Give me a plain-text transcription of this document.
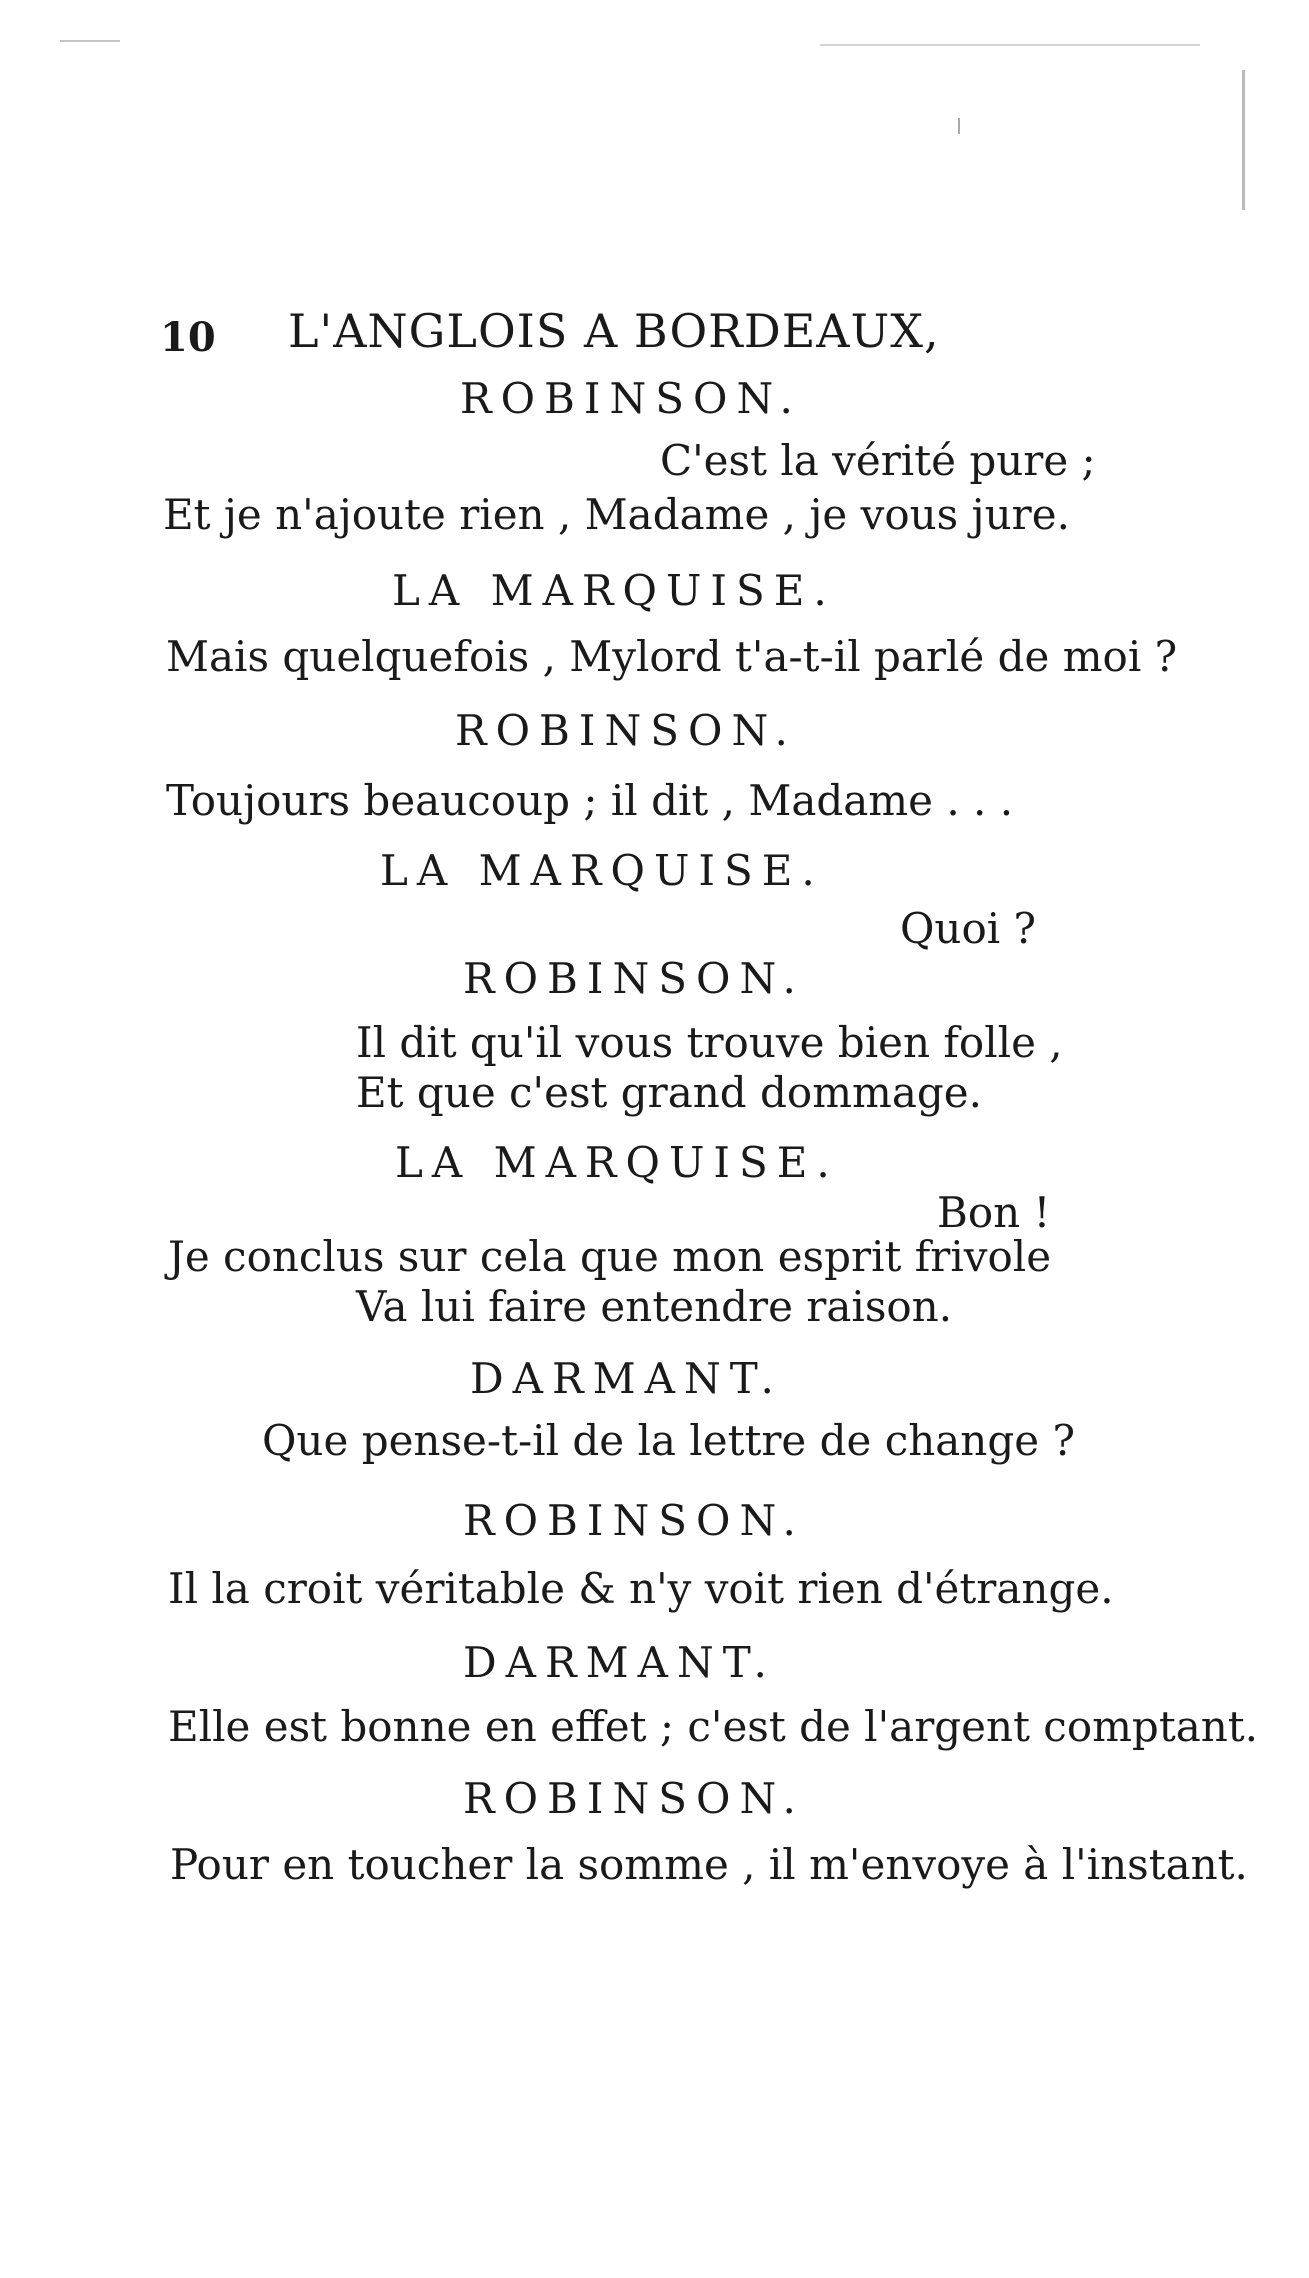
10 L'ANGLOIS A BORDEAUX,
ROBINSON.
C'est la vérité pure ;
Et je n'ajoute rien , Madame , je vous jure.
LA MARQUISE.
Mais quelquefois , Mylord t'a-t-il parlé de moi ?
ROBINSON.
Toujours beaucoup ; il dit , Madame . . .
LA MARQUISE.
Quoi ?
ROBINSON.
Il dit qu'il vous trouve bien folle ,
Et que c'est grand dommage.
LA MARQUISE.
Bon !
Je conclus sur cela que mon esprit frivole
Va lui faire entendre raison.
DARMANT.
Que pense-t-il de la lettre de change ?
ROBINSON.
Il la croit véritable & n'y voit rien d'étrange.
DARMANT.
Elle est bonne en effet ; c'est de l'argent comptant.
ROBINSON.
Pour en toucher la somme , il m'envoye à l'instant.
